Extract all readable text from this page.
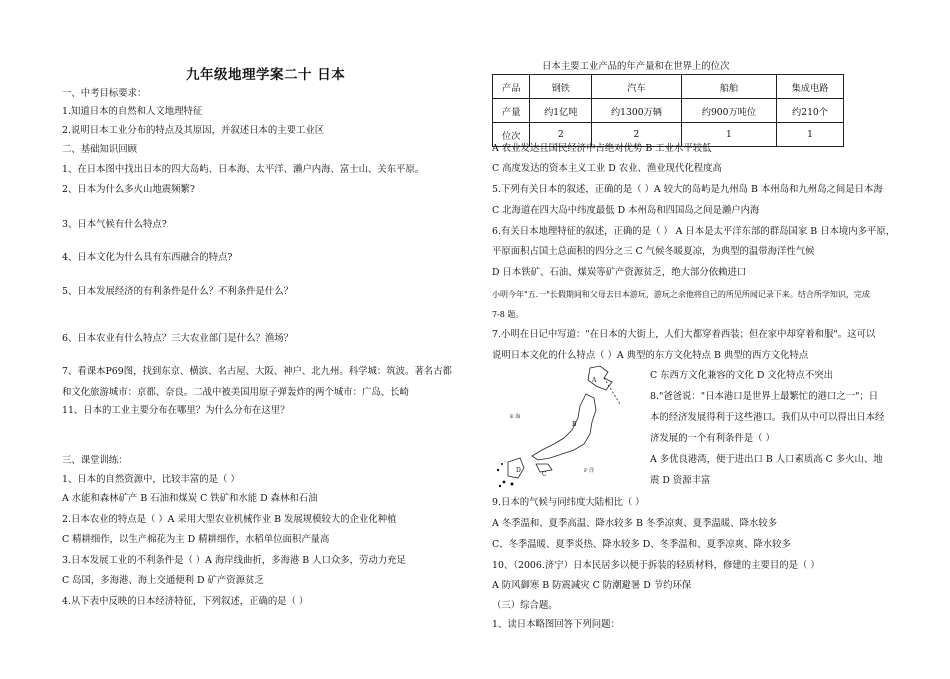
九年级地理学案二十 日本
一、中考目标要求：
1.知道日本的自然和人文地理特征
2.说明日本工业分布的特点及其原因，并叙述日本的主要工业区
二、基础知识回顾
1、在日本图中找出日本的四大岛屿、日本海、太平洋、濑户内海、富士山、关东平原。
2、日本为什么多火山地震频繁?
3、日本气候有什么特点?
4、日本文化为什么具有东西融合的特点?
5、日本发展经济的有利条件是什么？不利条件是什么？
6、日本农业有什么特点？三大农业部门是什么？渔场？
7、看课本P69图，找到东京、横滨、名古屋、大阪、神户、北九州。科学城：筑波。著名古都
和文化旅游城市：京都、奈良。二战中被美国用原子弹轰炸的两个城市：广岛、长崎
11、日本的工业主要分布在哪里？为什么分布在这里？
三、课堂训练：
1、日本的自然资源中，比较丰富的是（ ）
A 水能和森林矿产 B 石油和煤炭 C 铁矿和水能 D 森林和石油
2.日本农业的特点是（ ）A 采用大型农业机械作业 B 发展规模较大的企业化种植
C 精耕细作，以生产棉花为主 D 精耕细作，水稻单位面积产量高
3.日本发展工业的不利条件是（ ）A 海岸线曲折，多海港 B 人口众多，劳动力充足
C 岛国，多海港、海上交通便利 D 矿产资源贫乏
4.从下表中反映的日本经济特征，下列叙述，正确的是（ ）
日本主要工业产品的年产量和在世界上的位次
产品	钢铁	汽车	船舶	集成电路
产量	约1亿吨	约1300万辆	约900万吨位	约210个
位次	2	2	1	1
A 农业发达且国民经济中占绝对优势 B 工业水平较低
C 高度发达的资本主义工业 D 农业、渔业现代化程度高
5.下列有关日本的叙述，正确的是（ ）A 较大的岛屿是九州岛 B 本州岛和九州岛之间是日本海
C 北海道在四大岛中纬度最低 D 本州岛和四国岛之间是濑户内海
6.有关日本地理特征的叙述，正确的是（ ） A 日本是太平洋东部的群岛国家 B 日本境内多平原，
平原面积占国土总面积的四分之三 C 气候冬暖夏凉，为典型的温带海洋性气候
D 日本铁矿、石油、煤炭等矿产资源贫乏，绝大部分依赖进口
小明今年"五.一"长假期间和父母去日本游玩，游玩之余他将自己的所见所闻记录下来。结合所学知识，完成
7-8 题。
7.小明在日记中写道："在日本的大街上，人们大都穿着西装；但在家中却穿着和服"。这可以
说明日本文化的什么特点（ ）A 典型的东方文化特点 B 典型的西方文化特点
A
B
C
D
E 海
F 洋
C 东西方文化兼容的文化 D 文化特点不突出
8."爸爸说："日本港口是世界上最繁忙的港口之一"；日
本的经济发展得利于这些港口。我们从中可以得出日本经
济发展的一个有利条件是（ ）
A 多优良港湾，便于进出口 B 人口素质高 C 多火山、地
震 D 资源丰富
9.日本的气候与同纬度大陆相比（ ）
A 冬季温和、夏季高温、降水较多 B 冬季凉爽、夏季温暖、降水较多
C、冬季温暖、夏季炎热、降水较多 D、冬季温和、夏季凉爽、降水较多
10、（2006.济宁）日本民居多以便于拆装的轻质材料，修建的主要目的是（ ）
A 防风御寒 B 防震减灾 C 防潮避暑 D 节约环保
（三）综合题。
1、读日本略图回答下列问题：
